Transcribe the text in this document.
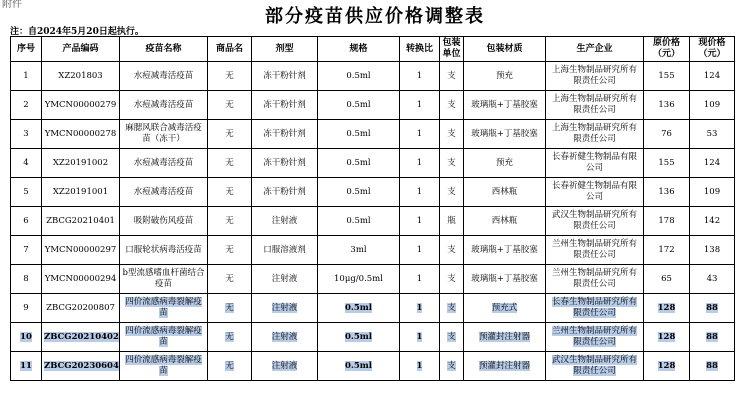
附件
部分疫苗供应价格调整表
注：自2024年5月20日起执行。
序号	产品编码	疫苗名称	商品名	剂型	规格	转换比	包装单位	包装材质	生产企业	原价格（元）	现价格（元）
1	XZ201803	水痘减毒活疫苗	无	冻干粉针剂	0.5ml	1	支	预充	上海生物制品研究所有限责任公司	155	124
2	YMCN00000279	水痘减毒活疫苗	无	冻干粉针剂	0.5ml	1	支	玻璃瓶+丁基胶塞	上海生物制品研究所有限责任公司	136	109
3	YMCN00000278	麻腮风联合减毒活疫苗（冻干）	无	冻干粉针剂	0.5ml	1	支	玻璃瓶+丁基胶塞	上海生物制品研究所有限责任公司	76	53
4	XZ20191002	水痘减毒活疫苗	无	冻干粉针剂	0.5ml	1	支	预充	长春祈健生物制品有限公司	155	124
5	XZ20191001	水痘减毒活疫苗	无	冻干粉针剂	0.5ml	1	支	西林瓶	长春祈健生物制品有限公司	136	109
6	ZBCG20210401	吸附破伤风疫苗	无	注射液	0.5ml	1	瓶	西林瓶	武汉生物制品研究所有限责任公司	178	142
7	YMCN00000297	口服轮状病毒活疫苗	无	口服溶液剂	3ml	1	支	玻璃瓶+丁基胶塞	兰州生物制品研究所有限责任公司	172	138
8	YMCN00000294	b型流感嗜血杆菌结合疫苗	无	注射液	10μg/0.5ml	1	支	玻璃瓶+丁基胶塞	兰州生物制品研究所有限责任公司	65	43
9	ZBCG20200807	四价流感病毒裂解疫苗	无	注射液	0.5ml	1	支	预充式	长春生物制品研究所有限责任公司	128	88
10	ZBCG20210402	四价流感病毒裂解疫苗	无	注射液	0.5ml	1	支	预灌封注射器	兰州生物制品研究所有限责任公司	128	88
11	ZBCG20230604	四价流感病毒裂解疫苗	无	注射液	0.5ml	1	支	预灌封注射器	武汉生物制品研究所有限责任公司	128	88
